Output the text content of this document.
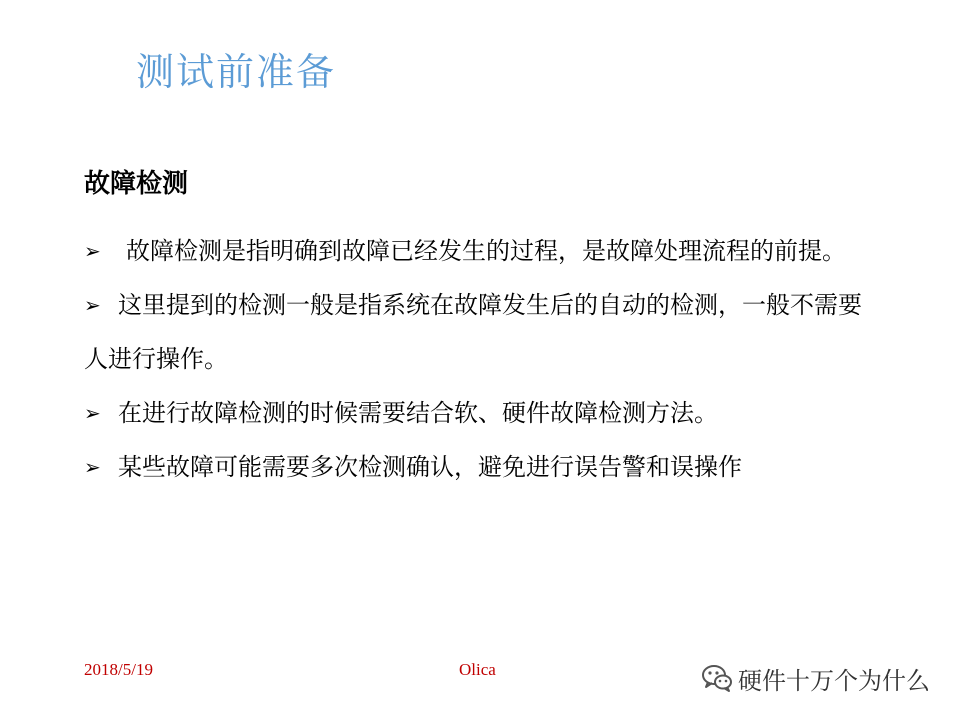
测试前准备
故障检测
➢ 故障检测是指明确到故障已经发生的过程，是故障处理流程的前提。
➢ 这里提到的检测一般是指系统在故障发生后的自动的检测，一般不需要人进行操作。
➢ 在进行故障检测的时候需要结合软、硬件故障检测方法。
➢ 某些故障可能需要多次检测确认，避免进行误告警和误操作
2018/5/19	Olica	硬件十万个为什么
